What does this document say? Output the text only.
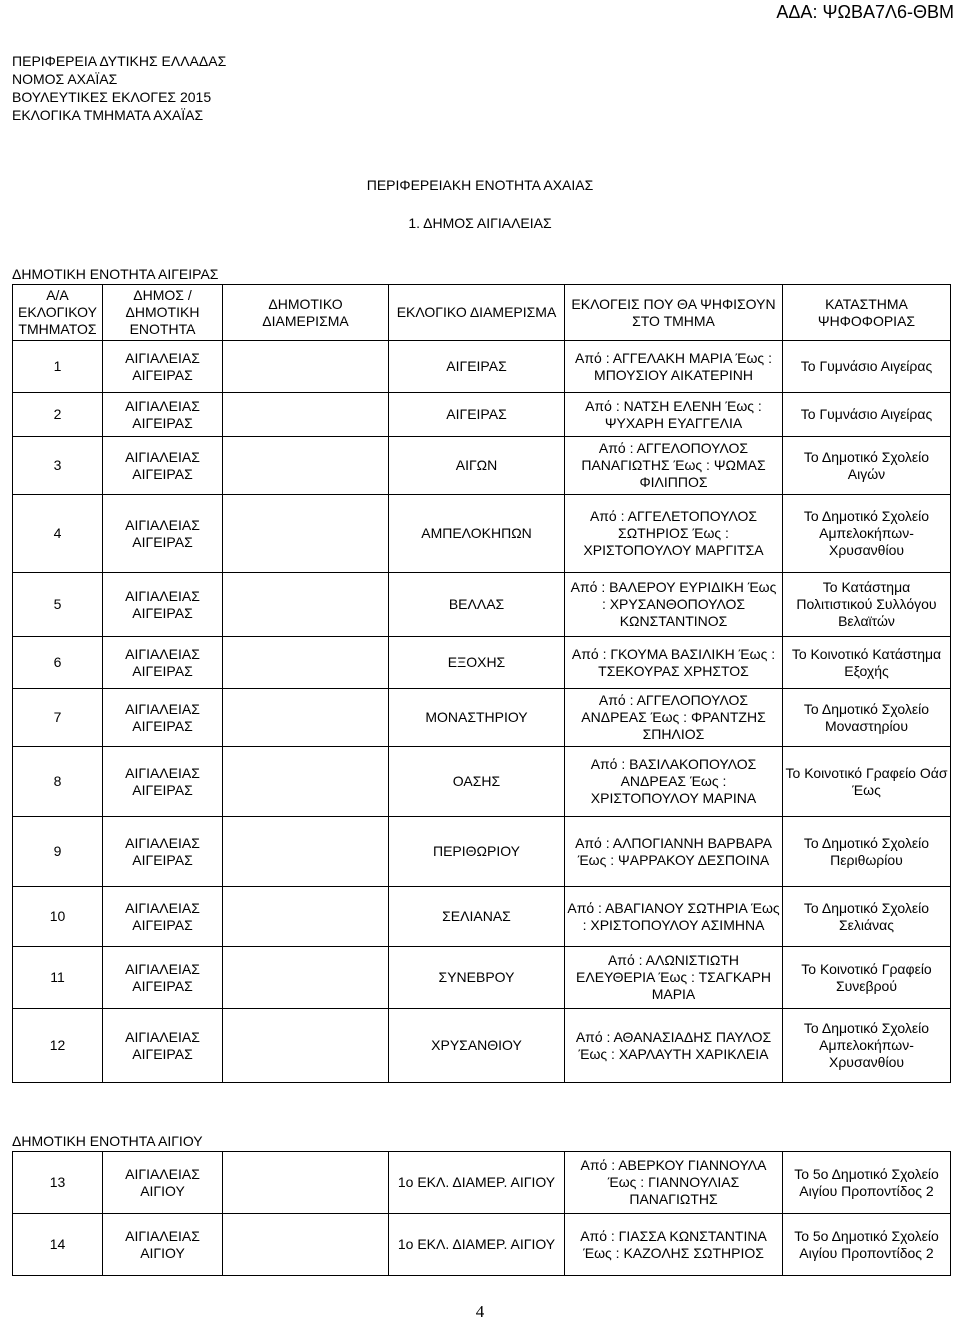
ΑΔΑ: ΨΩΒΑ7Λ6-ΘΒΜ
ΠΕΡΙΦΕΡΕΙΑ ΔΥΤΙΚΗΣ ΕΛΛΑΔΑΣ
ΝΟΜΟΣ ΑΧΑΪΑΣ
ΒΟΥΛΕΥΤΙΚΕΣ ΕΚΛΟΓΕΣ 2015
ΕΚΛΟΓΙΚΑ ΤΜΗΜΑΤΑ ΑΧΑΪΑΣ
ΠΕΡΙΦΕΡΕΙΑΚΗ ΕΝΟΤΗΤΑ ΑΧΑΙΑΣ
1. ΔΗΜΟΣ ΑΙΓΙΑΛΕΙΑΣ
ΔΗΜΟΤΙΚΗ ΕΝΟΤΗΤΑ ΑΙΓΕΙΡΑΣ
Α/Α ΕΚΛΟΓΙΚΟΥ ΤΜΗΜΑΤΟΣ	ΔΗΜΟΣ / ΔΗΜΟΤΙΚΗ ΕΝΟΤΗΤΑ	ΔΗΜΟΤΙΚΟ ΔΙΑΜΕΡΙΣΜΑ	ΕΚΛΟΓΙΚΟ ΔΙΑΜΕΡΙΣΜΑ	ΕΚΛΟΓΕΙΣ ΠΟΥ ΘΑ ΨΗΦΙΣΟΥΝ ΣΤΟ ΤΜΗΜΑ	ΚΑΤΑΣΤΗΜΑ ΨΗΦΟΦΟΡΙΑΣ
1	ΑΙΓΙΑΛΕΙΑΣ ΑΙΓΕΙΡΑΣ		ΑΙΓΕΙΡΑΣ	Από : ΑΓΓΕΛΑΚΗ ΜΑΡΙΑ Έως : ΜΠΟΥΣΙΟΥ ΑΙΚΑΤΕΡΙΝΗ	Το Γυμνάσιο Αιγείρας
2	ΑΙΓΙΑΛΕΙΑΣ ΑΙΓΕΙΡΑΣ		ΑΙΓΕΙΡΑΣ	Από : ΝΑΤΣΗ ΕΛΕΝΗ Έως : ΨΥΧΑΡΗ ΕΥΑΓΓΕΛΙΑ	Το Γυμνάσιο Αιγείρας
3	ΑΙΓΙΑΛΕΙΑΣ ΑΙΓΕΙΡΑΣ		ΑΙΓΩΝ	Από : ΑΓΓΕΛΟΠΟΥΛΟΣ ΠΑΝΑΓΙΩΤΗΣ Έως : ΨΩΜΑΣ ΦΙΛΙΠΠΟΣ	Το Δημοτικό Σχολείο Αιγών
4	ΑΙΓΙΑΛΕΙΑΣ ΑΙΓΕΙΡΑΣ		ΑΜΠΕΛΟΚΗΠΩΝ	Από : ΑΓΓΕΛΕΤΟΠΟΥΛΟΣ ΣΩΤΗΡΙΟΣ Έως : ΧΡΙΣΤΟΠΟΥΛΟΥ ΜΑΡΓΙΤΣΑ	Το Δημοτικό Σχολείο Αμπελοκήπων-Χρυσανθίου
5	ΑΙΓΙΑΛΕΙΑΣ ΑΙΓΕΙΡΑΣ		ΒΕΛΛΑΣ	Από : ΒΑΛΕΡΟΥ ΕΥΡΙΔΙΚΗ Έως : ΧΡΥΣΑΝΘΟΠΟΥΛΟΣ ΚΩΝΣΤΑΝΤΙΝΟΣ	Το Κατάστημα Πολιτιστικού Συλλόγου Βελαϊτών
6	ΑΙΓΙΑΛΕΙΑΣ ΑΙΓΕΙΡΑΣ		ΕΞΟΧΗΣ	Από : ΓΚΟΥΜΑ ΒΑΣΙΛΙΚΗ Έως : ΤΣΕΚΟΥΡΑΣ ΧΡΗΣΤΟΣ	Το Κοινοτικό Κατάστημα Εξοχής
7	ΑΙΓΙΑΛΕΙΑΣ ΑΙΓΕΙΡΑΣ		ΜΟΝΑΣΤΗΡΙΟΥ	Από : ΑΓΓΕΛΟΠΟΥΛΟΣ ΑΝΔΡΕΑΣ Έως : ΦΡΑΝΤΖΗΣ ΣΠΗΛΙΟΣ	Το Δημοτικό Σχολείο Μοναστηρίου
8	ΑΙΓΙΑΛΕΙΑΣ ΑΙΓΕΙΡΑΣ		ΟΑΣΗΣ	Από : ΒΑΣΙΛΑΚΟΠΟΥΛΟΣ ΑΝΔΡΕΑΣ Έως : ΧΡΙΣΤΟΠΟΥΛΟΥ ΜΑΡΙΝΑ	Το Κοινοτικό Γραφείο Οάσ Έως
9	ΑΙΓΙΑΛΕΙΑΣ ΑΙΓΕΙΡΑΣ		ΠΕΡΙΘΩΡΙΟΥ	Από : ΑΛΠΟΓΙΑΝΝΗ ΒΑΡΒΑΡΑ Έως : ΨΑΡΡΑΚΟΥ ΔΕΣΠΟΙΝΑ	Το Δημοτικό Σχολείο Περιθωρίου
10	ΑΙΓΙΑΛΕΙΑΣ ΑΙΓΕΙΡΑΣ		ΣΕΛΙΑΝΑΣ	Από : ΑΒΑΓΙΑΝΟΥ ΣΩΤΗΡΙΑ Έως : ΧΡΙΣΤΟΠΟΥΛΟΥ ΑΣΙΜΗΝΑ	Το Δημοτικό Σχολείο Σελιάνας
11	ΑΙΓΙΑΛΕΙΑΣ ΑΙΓΕΙΡΑΣ		ΣΥΝΕΒΡΟΥ	Από : ΑΛΩΝΙΣΤΙΩΤΗ ΕΛΕΥΘΕΡΙΑ Έως : ΤΣΑΓΚΑΡΗ ΜΑΡΙΑ	Το Κοινοτικό Γραφείο Συνεβρού
12	ΑΙΓΙΑΛΕΙΑΣ ΑΙΓΕΙΡΑΣ		ΧΡΥΣΑΝΘΙΟΥ	Από : ΑΘΑΝΑΣΙΑΔΗΣ ΠΑΥΛΟΣ Έως : ΧΑΡΛΑΥΤΗ ΧΑΡΙΚΛΕΙΑ	Το Δημοτικό Σχολείο Αμπελοκήπων-Χρυσανθίου
ΔΗΜΟΤΙΚΗ ΕΝΟΤΗΤΑ ΑΙΓΙΟΥ
13	ΑΙΓΙΑΛΕΙΑΣ ΑΙΓΙΟΥ		1ο ΕΚΛ. ΔΙΑΜΕΡ. ΑΙΓΙΟΥ	Από : ΑΒΕΡΚΟΥ ΓΙΑΝΝΟΥΛΑ Έως : ΓΙΑΝΝΟΥΛΙΑΣ ΠΑΝΑΓΙΩΤΗΣ	Το 5ο Δημοτικό Σχολείο Αιγίου Προποντίδος 2
14	ΑΙΓΙΑΛΕΙΑΣ ΑΙΓΙΟΥ		1ο ΕΚΛ. ΔΙΑΜΕΡ. ΑΙΓΙΟΥ	Από : ΓΙΑΣΣΑ ΚΩΝΣΤΑΝΤΙΝΑ Έως : ΚΑΖΟΛΗΣ ΣΩΤΗΡΙΟΣ	Το 5ο Δημοτικό Σχολείο Αιγίου Προποντίδος 2
4
